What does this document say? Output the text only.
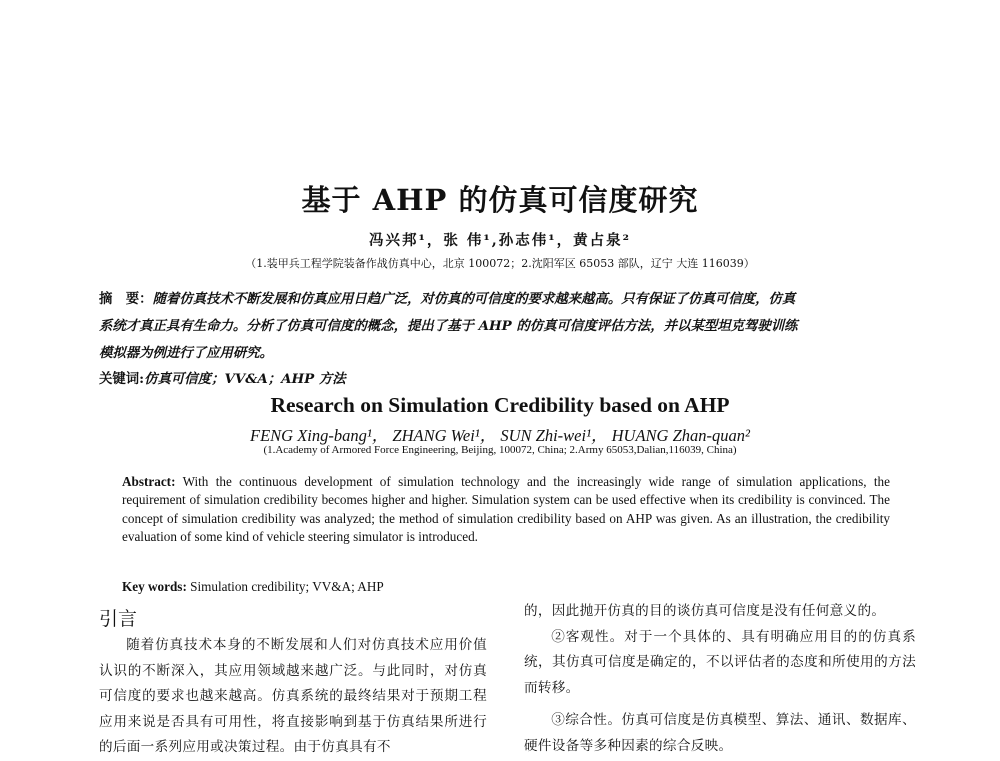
基于 AHP 的仿真可信度研究
冯兴邦¹，张 伟¹,孙志伟¹，黄占泉²
（1.装甲兵工程学院装备作战仿真中心，北京 100072；2.沈阳军区 65053 部队，辽宁 大连 116039）
摘　要：随着仿真技术不断发展和仿真应用日趋广泛，对仿真的可信度的要求越来越高。只有保证了仿真可信度，仿真
系统才真正具有生命力。分析了仿真可信度的概念，提出了基于 AHP 的仿真可信度评估方法，并以某型坦克驾驶训练
模拟器为例进行了应用研究。
关键词:仿真可信度；VV&A；AHP 方法
Research on Simulation Credibility based on AHP
FENG Xing-bang¹， ZHANG Wei¹， SUN Zhi-wei¹， HUANG Zhan-quan²
(1.Academy of Armored Force Engineering, Beijing, 100072, China; 2.Army 65053,Dalian,116039, China)
Abstract: With the continuous development of simulation technology and the increasingly wide range of simulation applications, the requirement of simulation credibility becomes higher and higher. Simulation system can be used effective when its credibility is convinced. The concept of simulation credibility was analyzed; the method of simulation credibility based on AHP was given. As an illustration, the credibility evaluation of some kind of vehicle steering simulator is introduced.
Key words: Simulation credibility; VV&A; AHP
引言

随着仿真技术本身的不断发展和人们对仿真技术应用价值认识的不断深入，其应用领域越来越广泛。与此同时，对仿真可信度的要求也越来越高。仿真系统的最终结果对于预期工程应用来说是否具有可用性，将直接影响到基于仿真结果所进行的后面一系列应用或决策过程。由于仿真具有不

的，因此抛开仿真的目的谈仿真可信度是没有任何意义的。

②客观性。对于一个具体的、具有明确应用目的的仿真系统，其仿真可信度是确定的，不以评估者的态度和所使用的方法而转移。

③综合性。仿真可信度是仿真模型、算法、通讯、数据库、硬件设备等多种因素的综合反映。
